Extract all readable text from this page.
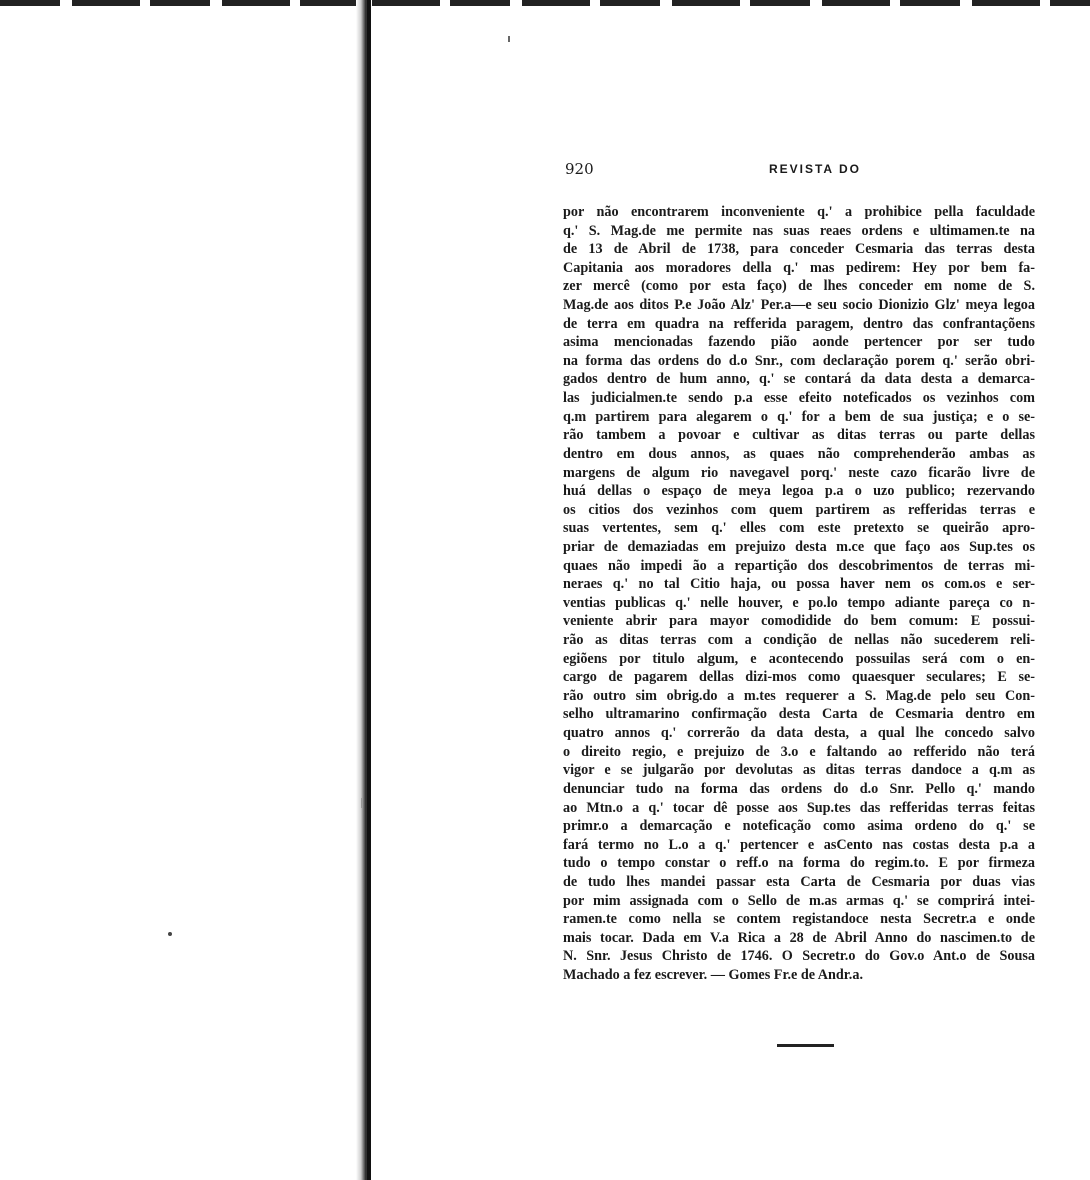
920	REVISTA DO
por não encontrarem inconveniente q.' a prohibice pella faculdade
q.' S. Mag.de me permite nas suas reaes ordens e ultimamen.te na
de 13 de Abril de 1738, para conceder Cesmaria das terras desta
Capitania aos moradores della q.' mas pedirem: Hey por bem fa-
zer mercê (como por esta faço) de lhes conceder em nome de S.
Mag.de aos ditos P.e João Alz' Per.a—e seu socio Dionizio Glz' meya legoa
de terra em quadra na refferida paragem, dentro das confrantaçõens
asima mencionadas fazendo pião aonde pertencer por ser tudo
na forma das ordens do d.o Snr., com declaração porem q.' serão obri-
gados dentro de hum anno, q.' se contará da data desta a demarca-
las judicialmen.te sendo p.a esse efeito noteficados os vezinhos com
q.m partirem para alegarem o q.' for a bem de sua justiça; e o se-
rão tambem a povoar e cultivar as ditas terras ou parte dellas
dentro em dous annos, as quaes não comprehenderão ambas as
margens de algum rio navegavel porq.' neste cazo ficarão livre de
huá dellas o espaço de meya legoa p.a o uzo publico; rezervando
os citios dos vezinhos com quem partirem as refferidas terras e
suas vertentes, sem q.' elles com este pretexto se queirão apro-
priar de demaziadas em prejuizo desta m.ce que faço aos Sup.tes os
quaes não impedi ão a repartição dos descobrimentos de terras mi-
neraes q.' no tal Citio haja, ou possa haver nem os com.os e ser-
ventias publicas q.' nelle houver, e po.lo tempo adiante pareça co n-
veniente abrir para mayor comodidide do bem comum: E possui-
rão as ditas terras com a condição de nellas não sucederem reli-
egiõens por titulo algum, e acontecendo possuilas será com o en-
cargo de pagarem dellas dizi-mos como quaesquer seculares; E se-
rão outro sim obrig.do a m.tes requerer a S. Mag.de pelo seu Con-
selho ultramarino confirmação desta Carta de Cesmaria dentro em
quatro annos q.' correrão da data desta, a qual lhe concedo salvo
o direito regio, e prejuizo de 3.o e faltando ao refferido não terá
vigor e se julgarão por devolutas as ditas terras dandoce a q.m as
denunciar tudo na forma das ordens do d.o Snr. Pello q.' mando
ao Mtn.o a q.' tocar dê posse aos Sup.tes das refferidas terras feitas
primr.o a demarcação e noteficação como asima ordeno do q.' se
fará termo no L.o a q.' pertencer e asCento nas costas desta p.a a
tudo o tempo constar o reff.o na forma do regim.to. E por firmeza
de tudo lhes mandei passar esta Carta de Cesmaria por duas vias
por mim assignada com o Sello de m.as armas q.' se comprirá intei-
ramen.te como nella se contem registandoce nesta Secretr.a e onde
mais tocar. Dada em V.a Rica a 28 de Abril Anno do nascimen.to de
N. Snr. Jesus Christo de 1746. O Secretr.o do Gov.o Ant.o de Sousa
Machado a fez escrever. — Gomes Fr.e de Andr.a.
